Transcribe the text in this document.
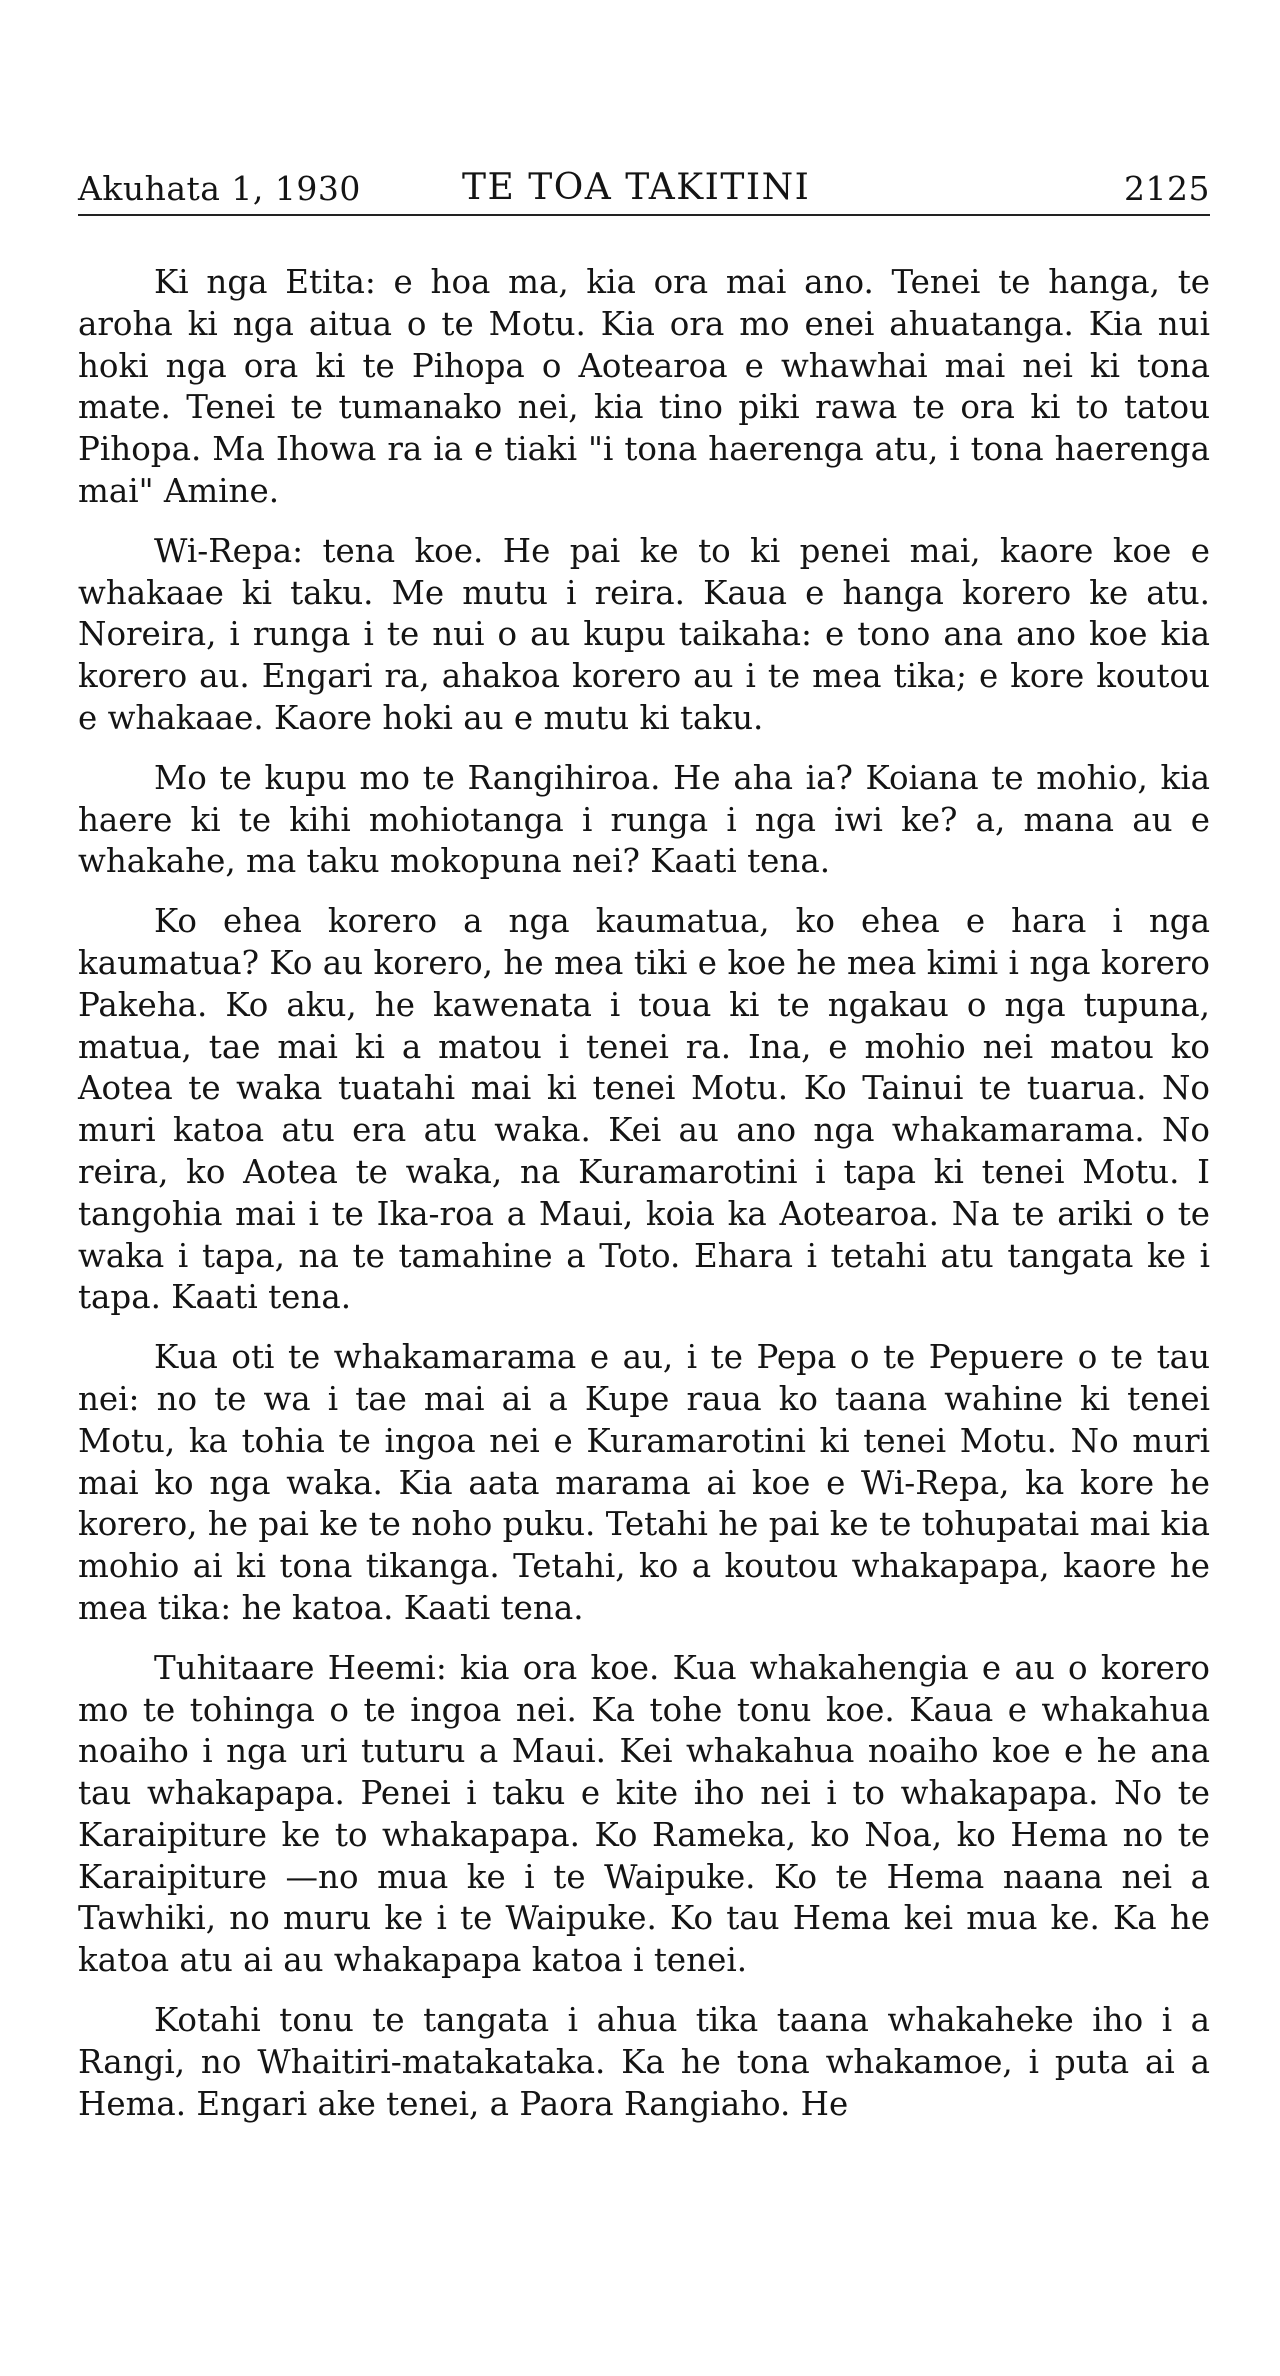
Akuhata 1, 1930	TE TOA TAKITINI	2125

Ki nga Etita: e hoa ma, kia ora mai ano. Tenei te hanga, te aroha ki nga aitua o te Motu. Kia ora mo enei ahuatanga. Kia nui hoki nga ora ki te Pihopa o Aotearoa e whawhai mai nei ki tona mate. Tenei te tumanako nei, kia tino piki rawa te ora ki to tatou Pihopa. Ma Ihowa ra ia e tiaki "i tona haerenga atu, i tona haerenga mai" Amine.

Wi-Repa: tena koe. He pai ke to ki penei mai, kaore koe e whakaae ki taku. Me mutu i reira. Kaua e hanga korero ke atu. Noreira, i runga i te nui o au kupu taikaha: e tono ana ano koe kia korero au. Engari ra, ahakoa korero au i te mea tika; e kore koutou e whakaae. Kaore hoki au e mutu ki taku.

Mo te kupu mo te Rangihiroa. He aha ia? Koiana te mohio, kia haere ki te kihi mohiotanga i runga i nga iwi ke? a, mana au e whakahe, ma taku mokopuna nei? Kaati tena.

Ko ehea korero a nga kaumatua, ko ehea e hara i nga kaumatua? Ko au korero, he mea tiki e koe he mea kimi i nga korero Pakeha. Ko aku, he kawenata i toua ki te ngakau o nga tupuna, matua, tae mai ki a matou i tenei ra. Ina, e mohio nei matou ko Aotea te waka tuatahi mai ki tenei Motu. Ko Tainui te tuarua. No muri katoa atu era atu waka. Kei au ano nga whakamarama. No reira, ko Aotea te waka, na Kuramarotini i tapa ki tenei Motu. I tangohia mai i te Ika-roa a Maui, koia ka Aotearoa. Na te ariki o te waka i tapa, na te tamahine a Toto. Ehara i tetahi atu tangata ke i tapa. Kaati tena.

Kua oti te whakamarama e au, i te Pepa o te Pepuere o te tau nei: no te wa i tae mai ai a Kupe raua ko taana wahine ki tenei Motu, ka tohia te ingoa nei e Kuramarotini ki tenei Motu. No muri mai ko nga waka. Kia aata marama ai koe e Wi-Repa, ka kore he korero, he pai ke te noho puku. Tetahi he pai ke te tohupatai mai kia mohio ai ki tona tikanga. Tetahi, ko a koutou whakapapa, kaore he mea tika: he katoa. Kaati tena.

Tuhitaare Heemi: kia ora koe. Kua whakahengia e au o korero mo te tohinga o te ingoa nei. Ka tohe tonu koe. Kaua e whakahua noaiho i nga uri tuturu a Maui. Kei whakahua noaiho koe e he ana tau whakapapa. Penei i taku e kite iho nei i to whakapapa. No te Karaipiture ke to whakapapa. Ko Rameka, ko Noa, ko Hema no te Karaipiture —no mua ke i te Waipuke. Ko te Hema naana nei a Tawhiki, no muru ke i te Waipuke. Ko tau Hema kei mua ke. Ka he katoa atu ai au whakapapa katoa i tenei.

Kotahi tonu te tangata i ahua tika taana whakaheke iho i a Rangi, no Whaitiri-matakataka. Ka he tona whakamoe, i puta ai a Hema. Engari ake tenei, a Paora Rangiaho. He
